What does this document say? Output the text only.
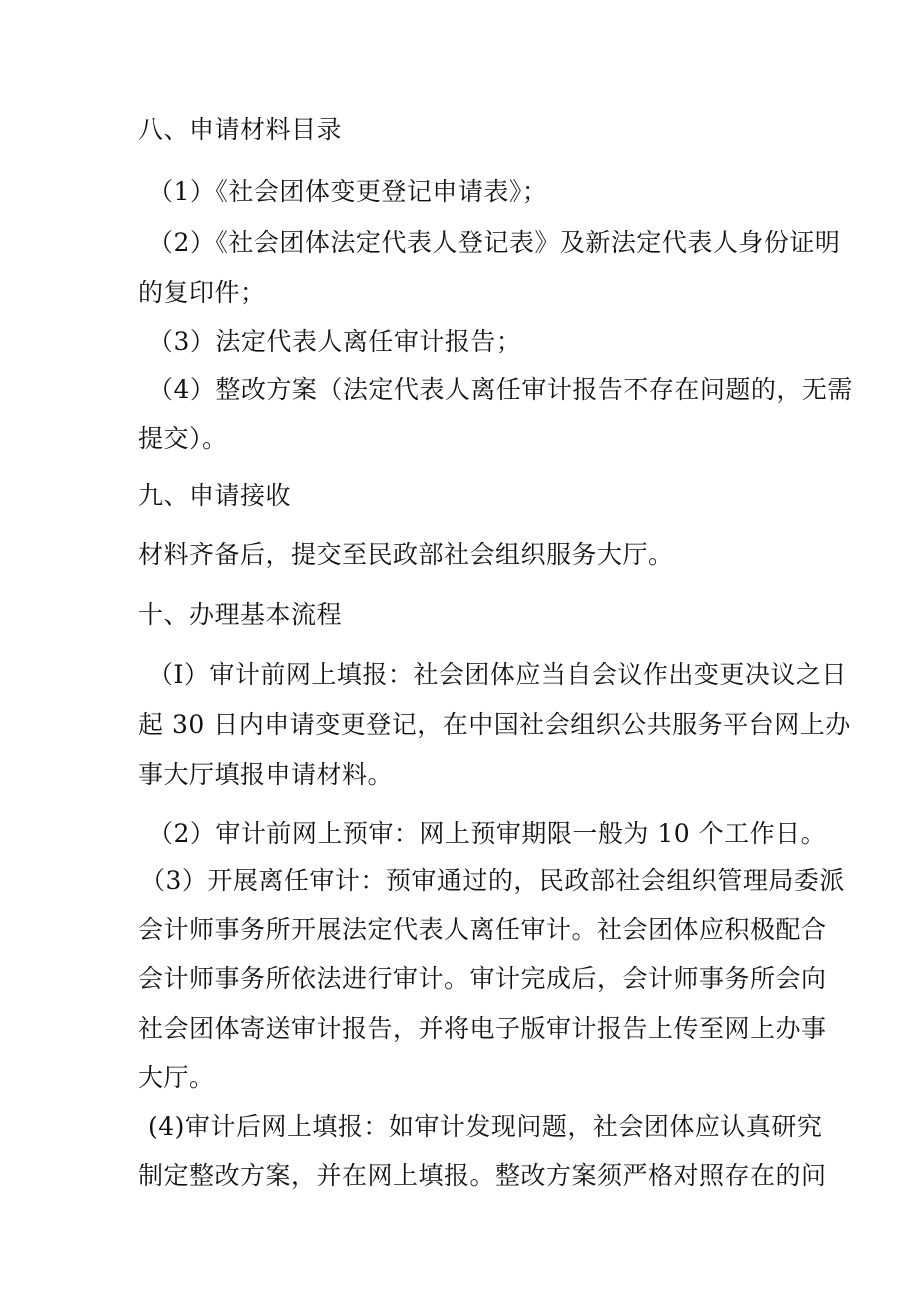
八、申请材料目录

（1）《社会团体变更登记申请表》；

（2）《社会团体法定代表人登记表》及新法定代表人身份证明

的复印件；

（3）法定代表人离任审计报告；

（4）整改方案（法定代表人离任审计报告不存在问题的，无需

提交）。

九、申请接收

材料齐备后，提交至民政部社会组织服务大厅。

十、办理基本流程

（I）审计前网上填报：社会团体应当自会议作出变更决议之日

起 30 日内申请变更登记，在中国社会组织公共服务平台网上办

事大厅填报申请材料。

（2）审计前网上预审：网上预审期限一般为 10 个工作日。

（3）开展离任审计：预审通过的，民政部社会组织管理局委派

会计师事务所开展法定代表人离任审计。社会团体应积极配合

会计师事务所依法进行审计。审计完成后，会计师事务所会向

社会团体寄送审计报告，并将电子版审计报告上传至网上办事

大厅。

(4)审计后网上填报：如审计发现问题，社会团体应认真研究

制定整改方案，并在网上填报。整改方案须严格对照存在的问
